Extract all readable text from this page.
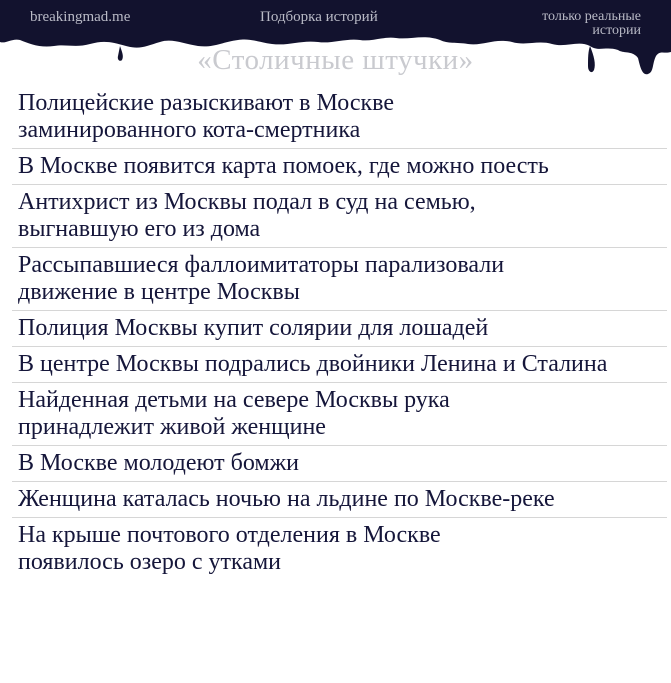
breakingmad.me	Подборка историй	только реальные
истории
«Столичные штучки»
Полицейские разыскивают в Москве
заминированного кота-смертника
В Москве появится карта помоек, где можно поесть
Антихрист из Москвы подал в суд на семью,
выгнавшую его из дома
Рассыпавшиеся фаллоимитаторы парализовали
движение в центре Москвы
Полиция Москвы купит солярии для лошадей
В центре Москвы подрались двойники Ленина и Сталина
Найденная детьми на севере Москвы рука
принадлежит живой женщине
В Москве молодеют бомжи
Женщина каталась ночью на льдине по Москве-реке
На крыше почтового отделения в Москве
появилось озеро с утками
